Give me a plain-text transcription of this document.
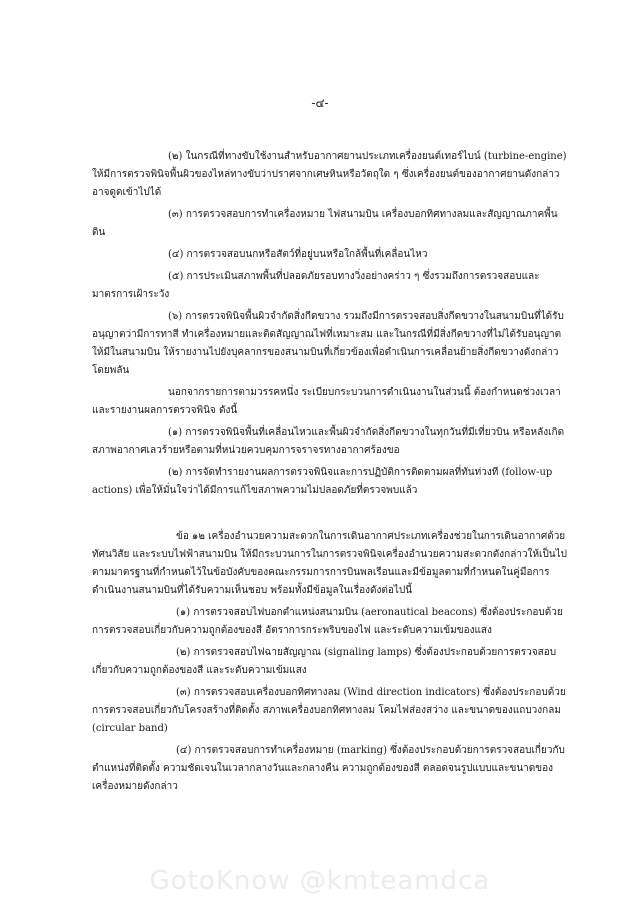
-๔-

(๒) ในกรณีที่ทางขับใช้งานสำหรับอากาศยานประเภทเครื่องยนต์เทอร์ไบน์ (turbine-engine) ให้มีการตรวจพินิจพื้นผิวของไหล่ทางขับว่าปราศจากเศษหินหรือวัตถุใด ๆ ซึ่งเครื่องยนต์ของอากาศยานดังกล่าว อาจดูดเข้าไปได้

(๓) การตรวจสอบการทำเครื่องหมาย ไฟสนามบิน เครื่องบอกทิศทางลมและสัญญาณภาคพื้นดิน

(๔) การตรวจสอบนกหรือสัตว์ที่อยู่บนหรือใกล้พื้นที่เคลื่อนไหว

(๕) การประเมินสภาพพื้นที่ปลอดภัยรอบทางวิ่งอย่างคร่าว ๆ ซึ่งรวมถึงการตรวจสอบและมาตรการเฝ้าระวัง

(๖) การตรวจพินิจพื้นผิวจำกัดสิ่งกีดขวาง รวมถึงมีการตรวจสอบสิ่งกีดขวางในสนามบินที่ได้รับอนุญาตว่ามีการทาสี ทำเครื่องหมายและติดสัญญาณไฟที่เหมาะสม และในกรณีที่มีสิ่งกีดขวางที่ไม่ได้รับอนุญาตให้มีในสนามบิน ให้รายงานไปยังบุคลากรของสนามบินที่เกี่ยวข้องเพื่อดำเนินการเคลื่อนย้ายสิ่งกีดขวางดังกล่าวโดยพลัน

นอกจากรายการตามวรรคหนึ่ง ระเบียบกระบวนการดำเนินงานในส่วนนี้ ต้องกำหนดช่วงเวลาและรายงานผลการตรวจพินิจ ดังนี้

(๑) การตรวจพินิจพื้นที่เคลื่อนไหวและพื้นผิวจำกัดสิ่งกีดขวางในทุกวันที่มีเที่ยวบิน หรือหลังเกิดสภาพอากาศเลวร้ายหรือตามที่หน่วยควบคุมการจราจรทางอากาศร้องขอ

(๒) การจัดทำรายงานผลการตรวจพินิจและการปฏิบัติการติดตามผลที่ทันท่วงที (follow-up actions) เพื่อให้มั่นใจว่าได้มีการแก้ไขสภาพความไม่ปลอดภัยที่ตรวจพบแล้ว

ข้อ ๑๒ เครื่องอำนวยความสะดวกในการเดินอากาศประเภทเครื่องช่วยในการเดินอากาศด้วยทัศนวิสัย และระบบไฟฟ้าสนามบิน ให้มีกระบวนการในการตรวจพินิจเครื่องอำนวยความสะดวกดังกล่าวให้เป็นไปตามมาตรฐานที่กำหนดไว้ในข้อบังคับของคณะกรรมการการบินพลเรือนและมีข้อมูลตามที่กำหนดในคู่มือการดำเนินงานสนามบินที่ได้รับความเห็นชอบ พร้อมทั้งมีข้อมูลในเรื่องดังต่อไปนี้

(๑) การตรวจสอบไฟบอกตำแหน่งสนามบิน (aeronautical beacons) ซึ่งต้องประกอบด้วยการตรวจสอบเกี่ยวกับความถูกต้องของสี อัตราการกระพริบของไฟ และระดับความเข้มของแสง

(๒) การตรวจสอบไฟฉายสัญญาณ (signaling lamps) ซึ่งต้องประกอบด้วยการตรวจสอบเกี่ยวกับความถูกต้องของสี และระดับความเข้มแสง

(๓) การตรวจสอบเครื่องบอกทิศทางลม (Wind direction indicators) ซึ่งต้องประกอบด้วยการตรวจสอบเกี่ยวกับโครงสร้างที่ติดตั้ง สภาพเครื่องบอกทิศทางลม โคมไฟส่องสว่าง และขนาดของแถบวงกลม (circular band)

(๔) การตรวจสอบการทำเครื่องหมาย (marking) ซึ่งต้องประกอบด้วยการตรวจสอบเกี่ยวกับตำแหน่งที่ติดตั้ง ความชัดเจนในเวลากลางวันและกลางคืน ความถูกต้องของสี ตลอดจนรูปแบบและขนาดของเครื่องหมายดังกล่าว

GotoKnow @kmteamdca
